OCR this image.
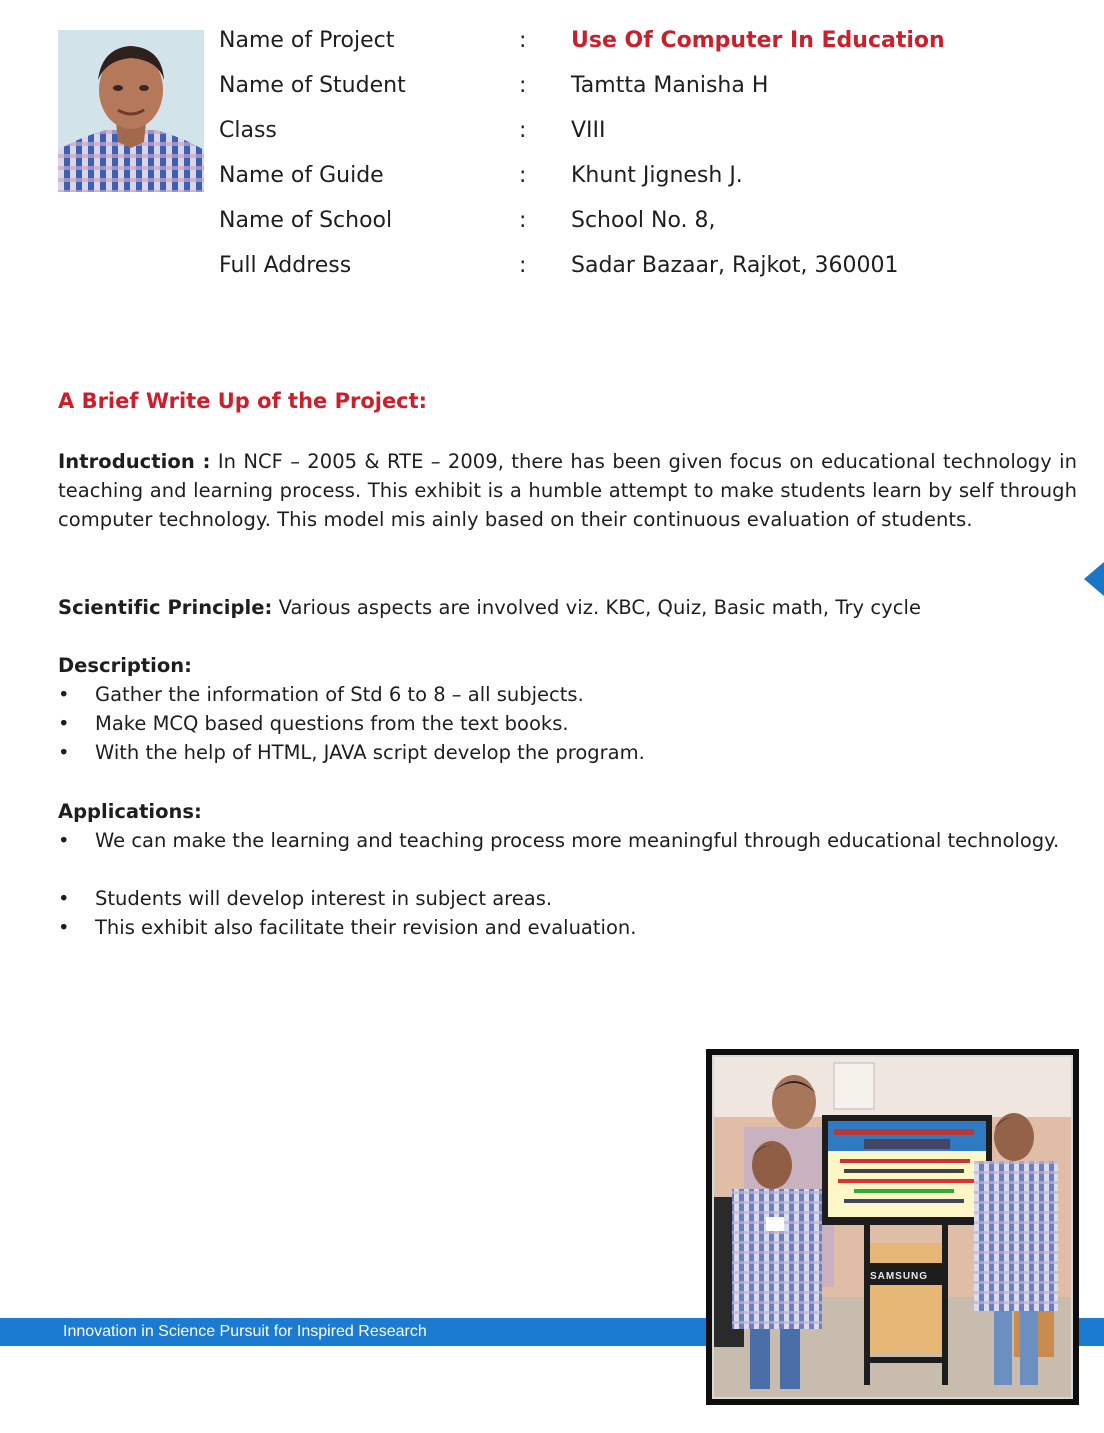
Name of Project	: Use Of Computer In Education
Name of Student	: Tamtta Manisha H
Class	: VIII
Name of Guide	: Khunt Jignesh J.
Name of School	: School No. 8,
Full Address	: Sadar Bazaar, Rajkot, 360001
A Brief Write Up of the Project:
Introduction : In NCF – 2005 & RTE – 2009, there has been given focus on educational technology in teaching and learning process. This exhibit is a humble attempt to make students learn by self through computer technology. This model mis ainly based on their continuous evaluation of students.
Scientific Principle: Various aspects are involved viz. KBC, Quiz, Basic math, Try cycle
Description:
• Gather the information of Std 6 to 8 – all subjects.
• Make MCQ based questions from the text books.
• With the help of HTML, JAVA script develop the program.
Applications:
• We can make the learning and teaching process more meaningful through educational technology.
• Students will develop interest in subject areas.
• This exhibit also facilitate their revision and evaluation.
Innovation in Science Pursuit for Inspired Research
SAMSUNG
